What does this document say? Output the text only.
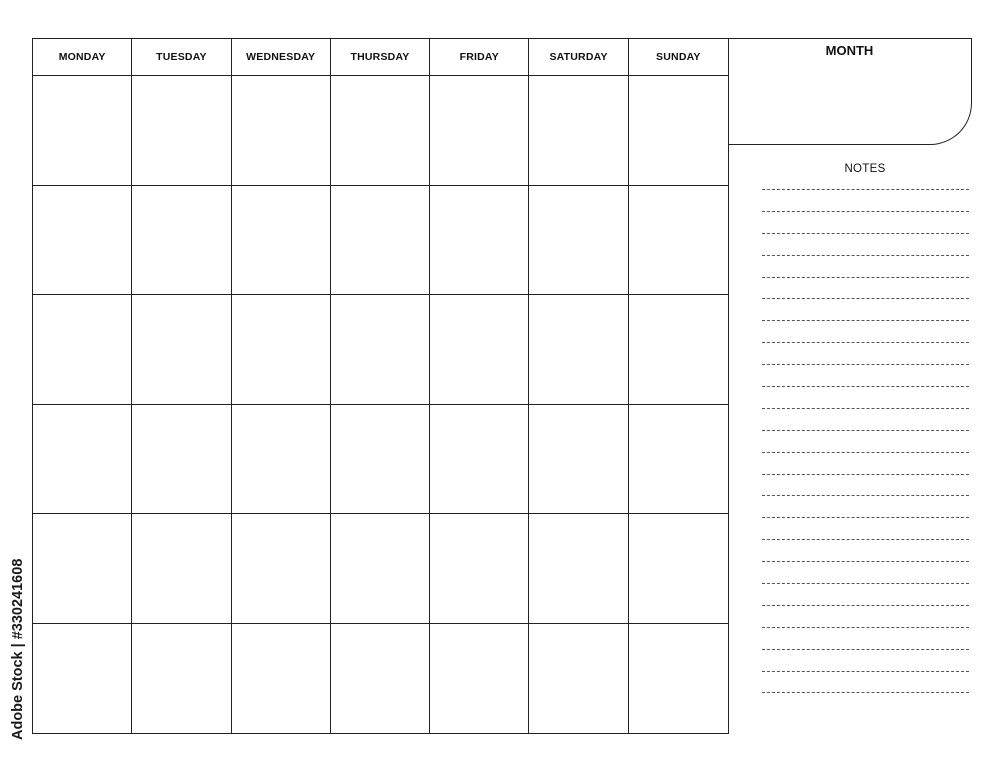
MONDAY	TUESDAY	WEDNESDAY	THURSDAY	FRIDAY	SATURDAY	SUNDAY	MONTH
NOTES
Adobe Stock | #330241608
